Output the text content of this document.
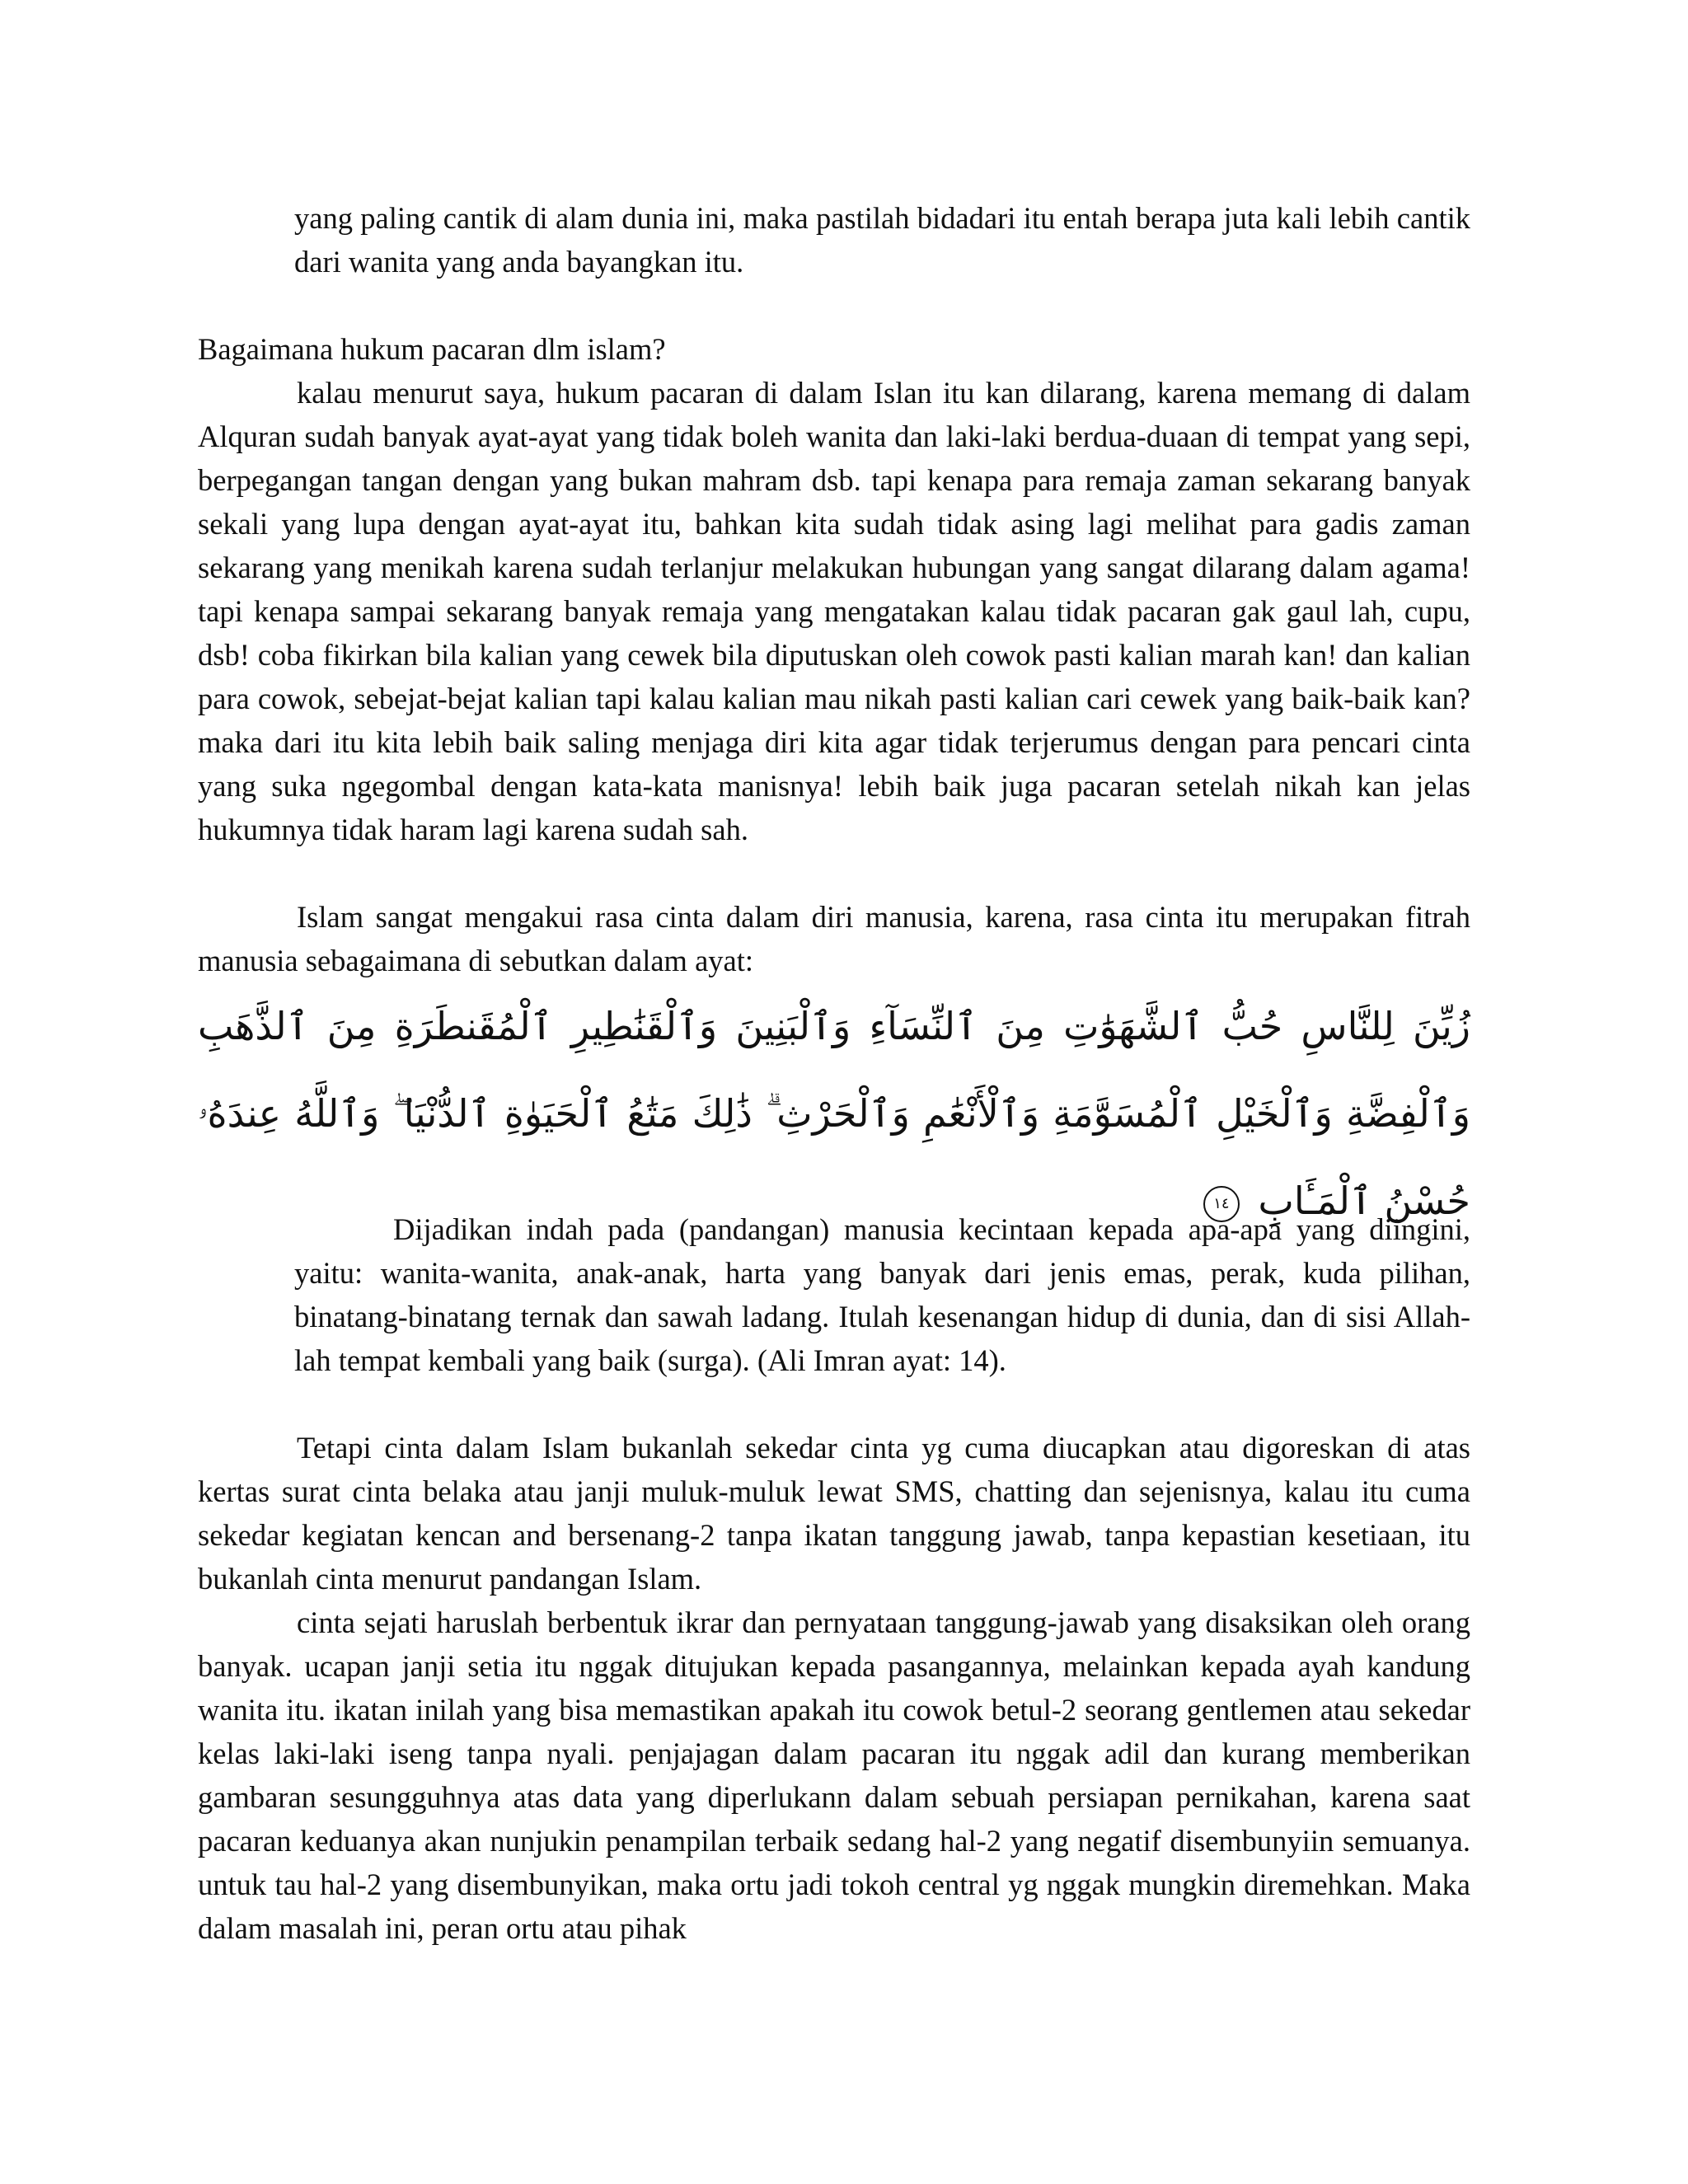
yang paling cantik di alam dunia ini, maka pastilah bidadari itu entah berapa juta kali lebih cantik dari wanita yang anda bayangkan itu.

Bagaimana hukum pacaran dlm islam?

kalau menurut saya, hukum pacaran di dalam Islan itu kan dilarang, karena memang di dalam Alquran sudah banyak ayat-ayat yang tidak boleh wanita dan laki-laki berdua-duaan di tempat yang sepi, berpegangan tangan dengan yang bukan mahram dsb. tapi kenapa para remaja zaman sekarang banyak sekali yang lupa dengan ayat-ayat itu, bahkan kita sudah tidak asing lagi melihat para gadis zaman sekarang yang menikah karena sudah terlanjur melakukan hubungan yang sangat dilarang dalam agama! tapi kenapa sampai sekarang banyak remaja yang mengatakan kalau tidak pacaran gak gaul lah, cupu, dsb! coba fikirkan bila kalian yang cewek bila diputuskan oleh cowok pasti kalian marah kan! dan kalian para cowok, sebejat-bejat kalian tapi kalau kalian mau nikah pasti kalian cari cewek yang baik-baik kan? maka dari itu kita lebih baik saling menjaga diri kita agar tidak terjerumus dengan para pencari cinta yang suka ngegombal dengan kata-kata manisnya! lebih baik juga pacaran setelah nikah kan jelas hukumnya tidak haram lagi karena sudah sah.

Islam sangat mengakui rasa cinta dalam diri manusia, karena, rasa cinta itu merupakan fitrah manusia sebagaimana di sebutkan dalam ayat:

زُيِّنَ لِلنَّاسِ حُبُّ ٱلشَّهَوَٰتِ مِنَ ٱلنِّسَآءِ وَٱلْبَنِينَ وَٱلْقَنَٰطِيرِ ٱلْمُقَنطَرَةِ مِنَ ٱلذَّهَبِ وَٱلْفِضَّةِ وَٱلْخَيْلِ ٱلْمُسَوَّمَةِ وَٱلْأَنْعَٰمِ وَٱلْحَرْثِ ۗ ذَٰلِكَ مَتَٰعُ ٱلْحَيَوٰةِ ٱلدُّنْيَا ۖ وَٱللَّهُ عِندَهُۥ حُسْنُ ٱلْمَـَٔابِ ١٤

Dijadikan indah pada (pandangan) manusia kecintaan kepada apa-apa yang diingini, yaitu: wanita-wanita, anak-anak, harta yang banyak dari jenis emas, perak, kuda pilihan, binatang-binatang ternak dan sawah ladang. Itulah kesenangan hidup di dunia, dan di sisi Allah-lah tempat kembali yang baik (surga). (Ali Imran ayat: 14).

Tetapi cinta dalam Islam bukanlah sekedar cinta yg cuma diucapkan atau digoreskan di atas kertas surat cinta belaka atau janji muluk-muluk lewat SMS, chatting dan sejenisnya, kalau itu cuma sekedar kegiatan kencan and bersenang-2 tanpa ikatan tanggung jawab, tanpa kepastian kesetiaan, itu bukanlah cinta menurut pandangan Islam.

cinta sejati haruslah berbentuk ikrar dan pernyataan tanggung-jawab yang disaksikan oleh orang banyak. ucapan janji setia itu nggak ditujukan kepada pasangannya, melainkan kepada ayah kandung wanita itu. ikatan inilah yang bisa memastikan apakah itu cowok betul-2 seorang gentlemen atau sekedar kelas laki-laki iseng tanpa nyali. penjajagan dalam pacaran itu nggak adil dan kurang memberikan gambaran sesungguhnya atas data yang diperlukann dalam sebuah persiapan pernikahan, karena saat pacaran keduanya akan nunjukin penampilan terbaik sedang hal-2 yang negatif disembunyiin semuanya. untuk tau hal-2 yang disembunyikan, maka ortu jadi tokoh central yg nggak mungkin diremehkan. Maka dalam masalah ini, peran ortu atau pihak
